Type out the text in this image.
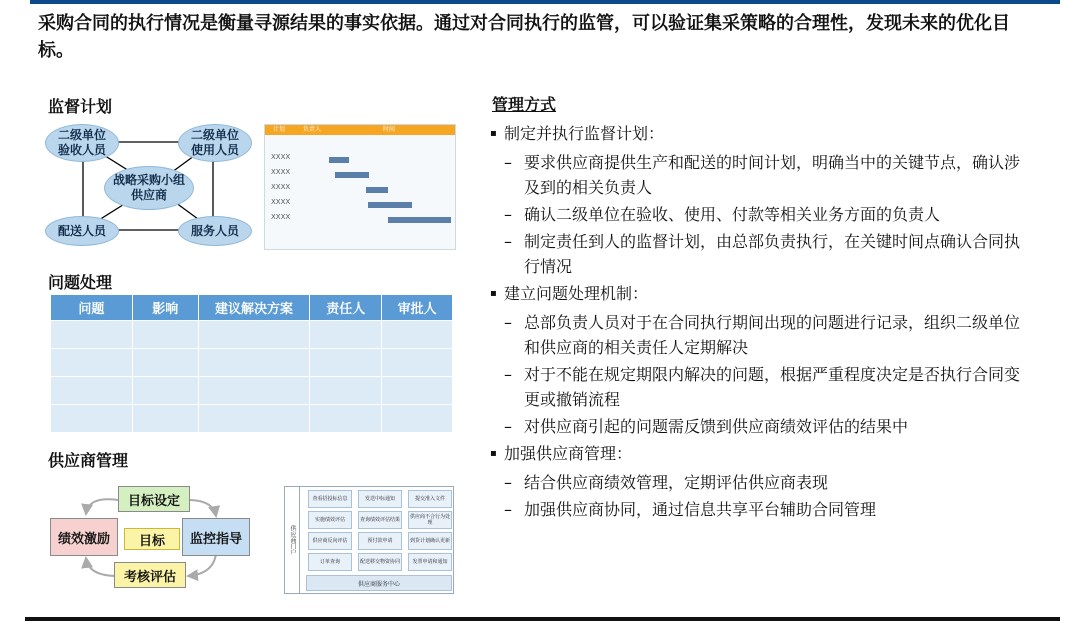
采购合同的执行情况是衡量寻源结果的事实依据。通过对合同执行的监管，可以验证集采策略的合理性，发现未来的优化目标。
监督计划
二级单位
验收人员
二级单位
使用人员
战略采购小组
供应商
配送人员	服务人员
计划	负责人	时间
XXXX
XXXX
XXXX
XXXX
XXXX
问题处理
问题	影响	建议解决方案	责任人	审批人

供应商管理
目标设定
绩效激励	目标	监控指导
考核评估
供应商门户
查看招投标信息	发送中标通知	提交准入文件
实施绩效评估	查询绩效评估结果	供应商不合行为处理
供应商反向评估	预付款申请	到货计划确认更新
订单查询	配送移交物资协同	发票申请和通知
供应商服务中心
管理方式
▪ 制定并执行监督计划：
– 要求供应商提供生产和配送的时间计划，明确当中的关键节点，确认涉及到的相关负责人
– 确认二级单位在验收、使用、付款等相关业务方面的负责人
– 制定责任到人的监督计划，由总部负责执行，在关键时间点确认合同执行情况
▪ 建立问题处理机制：
– 总部负责人员对于在合同执行期间出现的问题进行记录，组织二级单位和供应商的相关责任人定期解决
– 对于不能在规定期限内解决的问题，根据严重程度决定是否执行合同变更或撤销流程
– 对供应商引起的问题需反馈到供应商绩效评估的结果中
▪ 加强供应商管理：
– 结合供应商绩效管理，定期评估供应商表现
– 加强供应商协同，通过信息共享平台辅助合同管理
